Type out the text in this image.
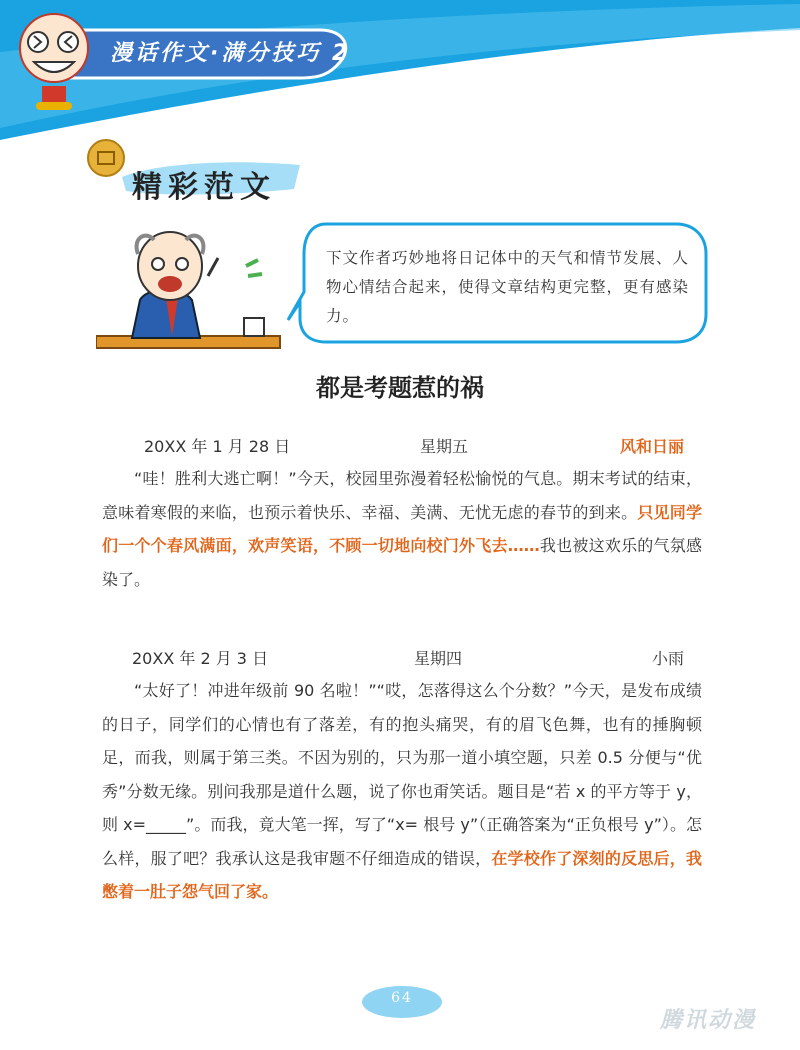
漫话作文·满分技巧 2
精彩范文
下文作者巧妙地将日记体中的天气和情节发展、人物心情结合起来，使得文章结构更完整，更有感染力。
都是考题惹的祸
20XX 年 1 月 28 日	星期五	风和日丽
“哇！胜利大逃亡啊！”今天，校园里弥漫着轻松愉悦的气息。期末考试的结束，意味着寒假的来临，也预示着快乐、幸福、美满、无忧无虑的春节的到来。只见同学们一个个春风满面，欢声笑语，不顾一切地向校门外飞去……我也被这欢乐的气氛感染了。
20XX 年 2 月 3 日	星期四	小雨
“太好了！冲进年级前 90 名啦！”“哎，怎落得这么个分数？”今天，是发布成绩的日子，同学们的心情也有了落差，有的抱头痛哭，有的眉飞色舞，也有的捶胸顿足，而我，则属于第三类。不因为别的，只为那一道小填空题，只差 0.5 分便与“优秀”分数无缘。别问我那是道什么题，说了你也甭笑话。题目是“若 x 的平方等于 y，则 x=_____”。而我，竟大笔一挥，写了“x= 根号 y”（正确答案为“正负根号 y”）。怎么样，服了吧？我承认这是我审题不仔细造成的错误，在学校作了深刻的反思后，我憋着一肚子怨气回了家。
64
腾讯动漫
